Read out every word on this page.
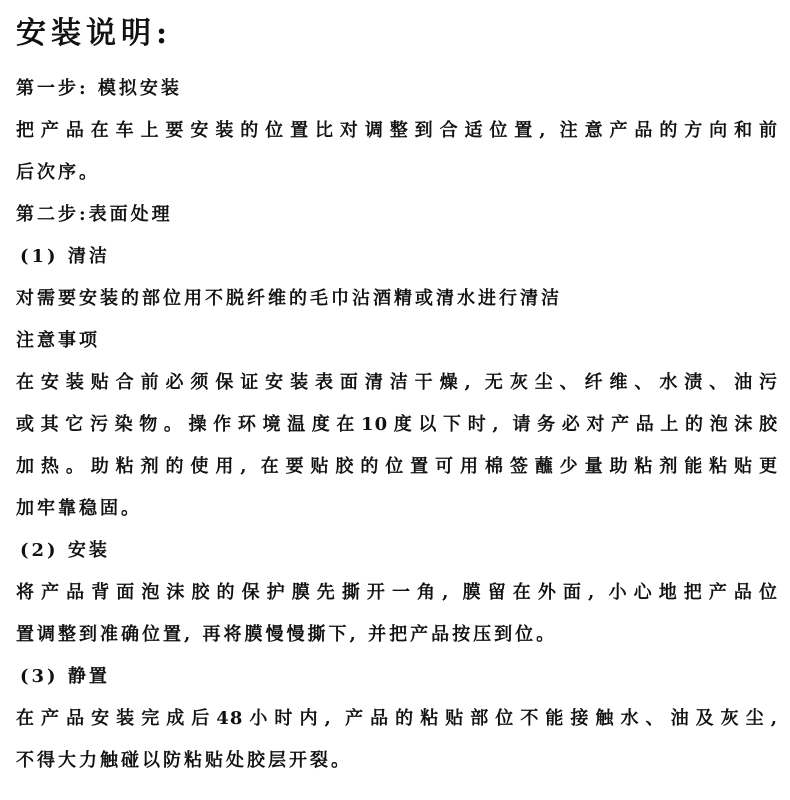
安装说明:
第一步: 模拟安装
把产品在车上要安装的位置比对调整到合适位置, 注意产品的方向和前
后次序。
第二步:表面处理
(1) 清洁
对需要安装的部位用不脱纤维的毛巾沾酒精或清水进行清洁
注意事项
在安装贴合前必须保证安装表面清洁干燥, 无灰尘、纤维、水渍、油污
或其它污染物。操作环境温度在10度以下时, 请务必对产品上的泡沫胶
加热。助粘剂的使用, 在要贴胶的位置可用棉签蘸少量助粘剂能粘贴更
加牢靠稳固。
(2) 安装
将产品背面泡沫胶的保护膜先撕开一角, 膜留在外面, 小心地把产品位
置调整到准确位置, 再将膜慢慢撕下, 并把产品按压到位。
(3) 静置
在产品安装完成后48小时内, 产品的粘贴部位不能接触水、油及灰尘,
不得大力触碰以防粘贴处胶层开裂。
